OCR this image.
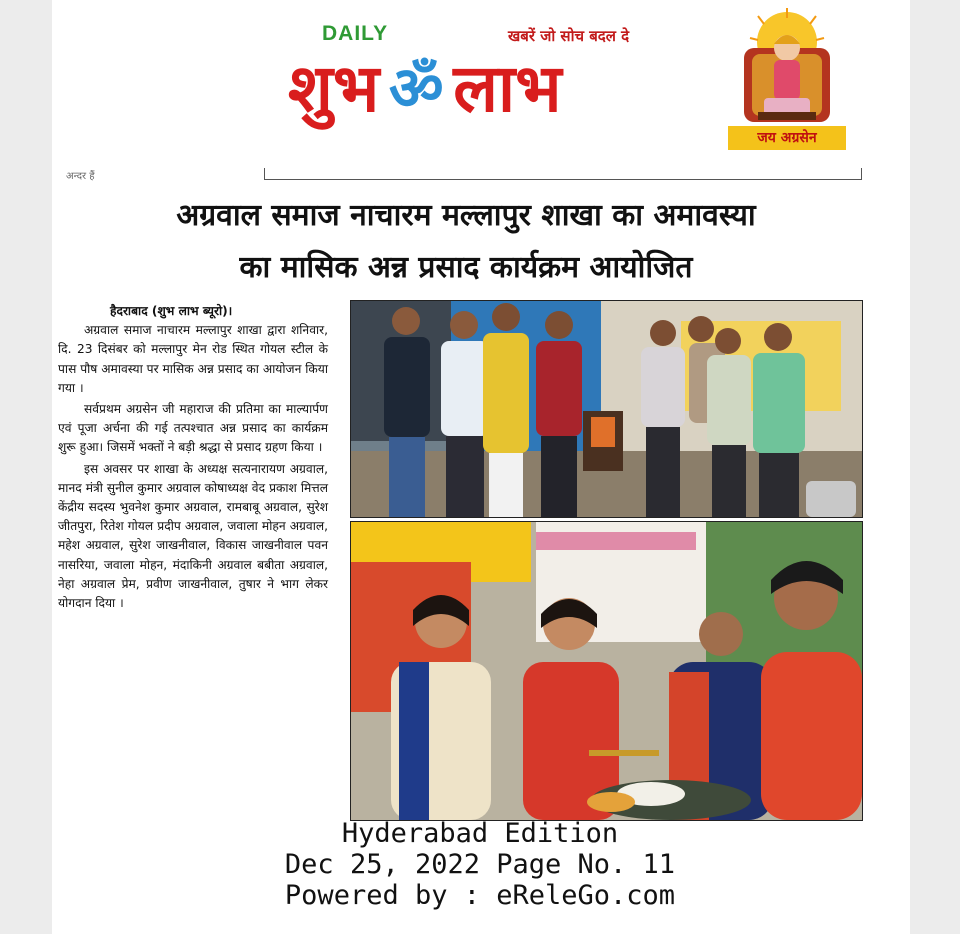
DAILY	खबरें जो सोच बदल दे
शुभ ॐ लाभ
जय अग्रसेन
अन्दर हैं
अग्रवाल समाज नाचारम मल्लापुर शाखा का अमावस्या
का मासिक अन्न प्रसाद कार्यक्रम आयोजित

हैदराबाद (शुभ लाभ ब्यूरो)।

अग्रवाल समाज नाचारम मल्लापुर शाखा द्वारा शनिवार, दि. 23 दिसंबर को मल्लापुर मेन रोड स्थित गोयल स्टील के पास पौष अमावस्या पर मासिक अन्न प्रसाद का आयोजन किया गया ।

सर्वप्रथम अग्रसेन जी महाराज की प्रतिमा का माल्यार्पण एवं पूजा अर्चना की गई तत्पश्चात अन्न प्रसाद का कार्यक्रम शुरू हुआ। जिसमें भक्तों ने बड़ी श्रद्धा से प्रसाद ग्रहण किया ।

इस अवसर पर शाखा के अध्यक्ष सत्यनारायण अग्रवाल, मानद मंत्री सुनील कुमार अग्रवाल कोषाध्यक्ष वेद प्रकाश मित्तल केंद्रीय सदस्य भुवनेश कुमार अग्रवाल, रामबाबू अग्रवाल, सुरेश जीतपुरा, रितेश गोयल प्रदीप अग्रवाल, जवाला मोहन अग्रवाल, महेश अग्रवाल, सुरेश जाखनीवाल, विकास जाखनीवाल पवन नासरिया, जवाला मोहन, मंदाकिनी अग्रवाल बबीता अग्रवाल, नेहा अग्रवाल प्रेम, प्रवीण जाखनीवाल, तुषार ने भाग लेकर योगदान दिया ।

Hyderabad Edition
Dec 25, 2022 Page No. 11
Powered by : eReleGo.com
